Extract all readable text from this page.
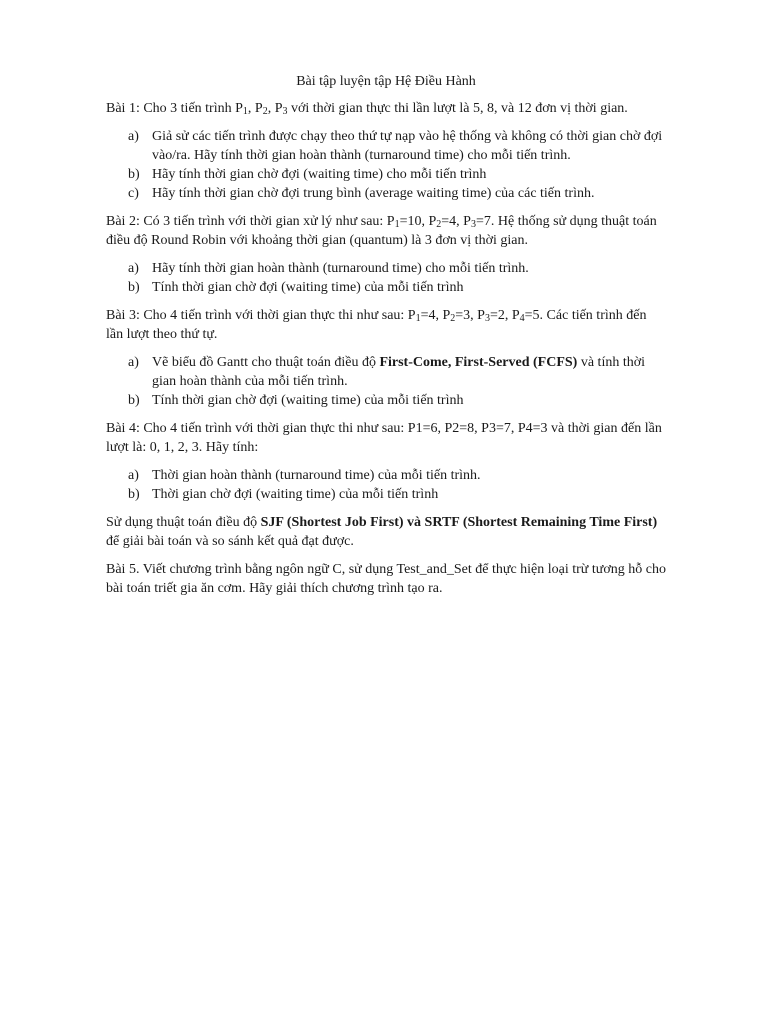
Bài tập luyện tập Hệ Điều Hành

Bài 1: Cho 3 tiến trình $P_1$, $P_2$, $P_3$ với thời gian thực thi lần lượt là 5, 8, và 12 đơn vị thời gian.

a) Giả sử các tiến trình được chạy theo thứ tự nạp vào hệ thống và không có thời gian chờ đợi vào/ra. Hãy tính thời gian hoàn thành (turnaround time) cho mỗi tiến trình.
b) Hãy tính thời gian chờ đợi (waiting time) cho mỗi tiến trình
c) Hãy tính thời gian chờ đợi trung bình (average waiting time) của các tiến trình.

Bài 2: Có 3 tiến trình với thời gian xử lý như sau: $P_1=10$, $P_2=4$, $P_3=7$. Hệ thống sử dụng thuật toán điều độ Round Robin với khoảng thời gian (quantum) là 3 đơn vị thời gian.

a) Hãy tính thời gian hoàn thành (turnaround time) cho mỗi tiến trình.
b) Tính thời gian chờ đợi (waiting time) của mỗi tiến trình

Bài 3: Cho 4 tiến trình với thời gian thực thi như sau: $P_1=4$, $P_2=3$, $P_3=2$, $P_4=5$. Các tiến trình đến lần lượt theo thứ tự.

a) Vẽ biểu đồ Gantt cho thuật toán điều độ First-Come, First-Served (FCFS) và tính thời gian hoàn thành của mỗi tiến trình.
b) Tính thời gian chờ đợi (waiting time) của mỗi tiến trình

Bài 4: Cho 4 tiến trình với thời gian thực thi như sau: P1=6, P2=8, P3=7, P4=3 và thời gian đến lần lượt là: 0, 1, 2, 3. Hãy tính:

a) Thời gian hoàn thành (turnaround time) của mỗi tiến trình.
b) Thời gian chờ đợi (waiting time) của mỗi tiến trình

Sử dụng thuật toán điều độ SJF (Shortest Job First) và SRTF (Shortest Remaining Time First) để giải bài toán và so sánh kết quả đạt được.

Bài 5. Viết chương trình bằng ngôn ngữ C, sử dụng Test_and_Set để thực hiện loại trừ tương hỗ cho bài toán triết gia ăn cơm. Hãy giải thích chương trình tạo ra.
